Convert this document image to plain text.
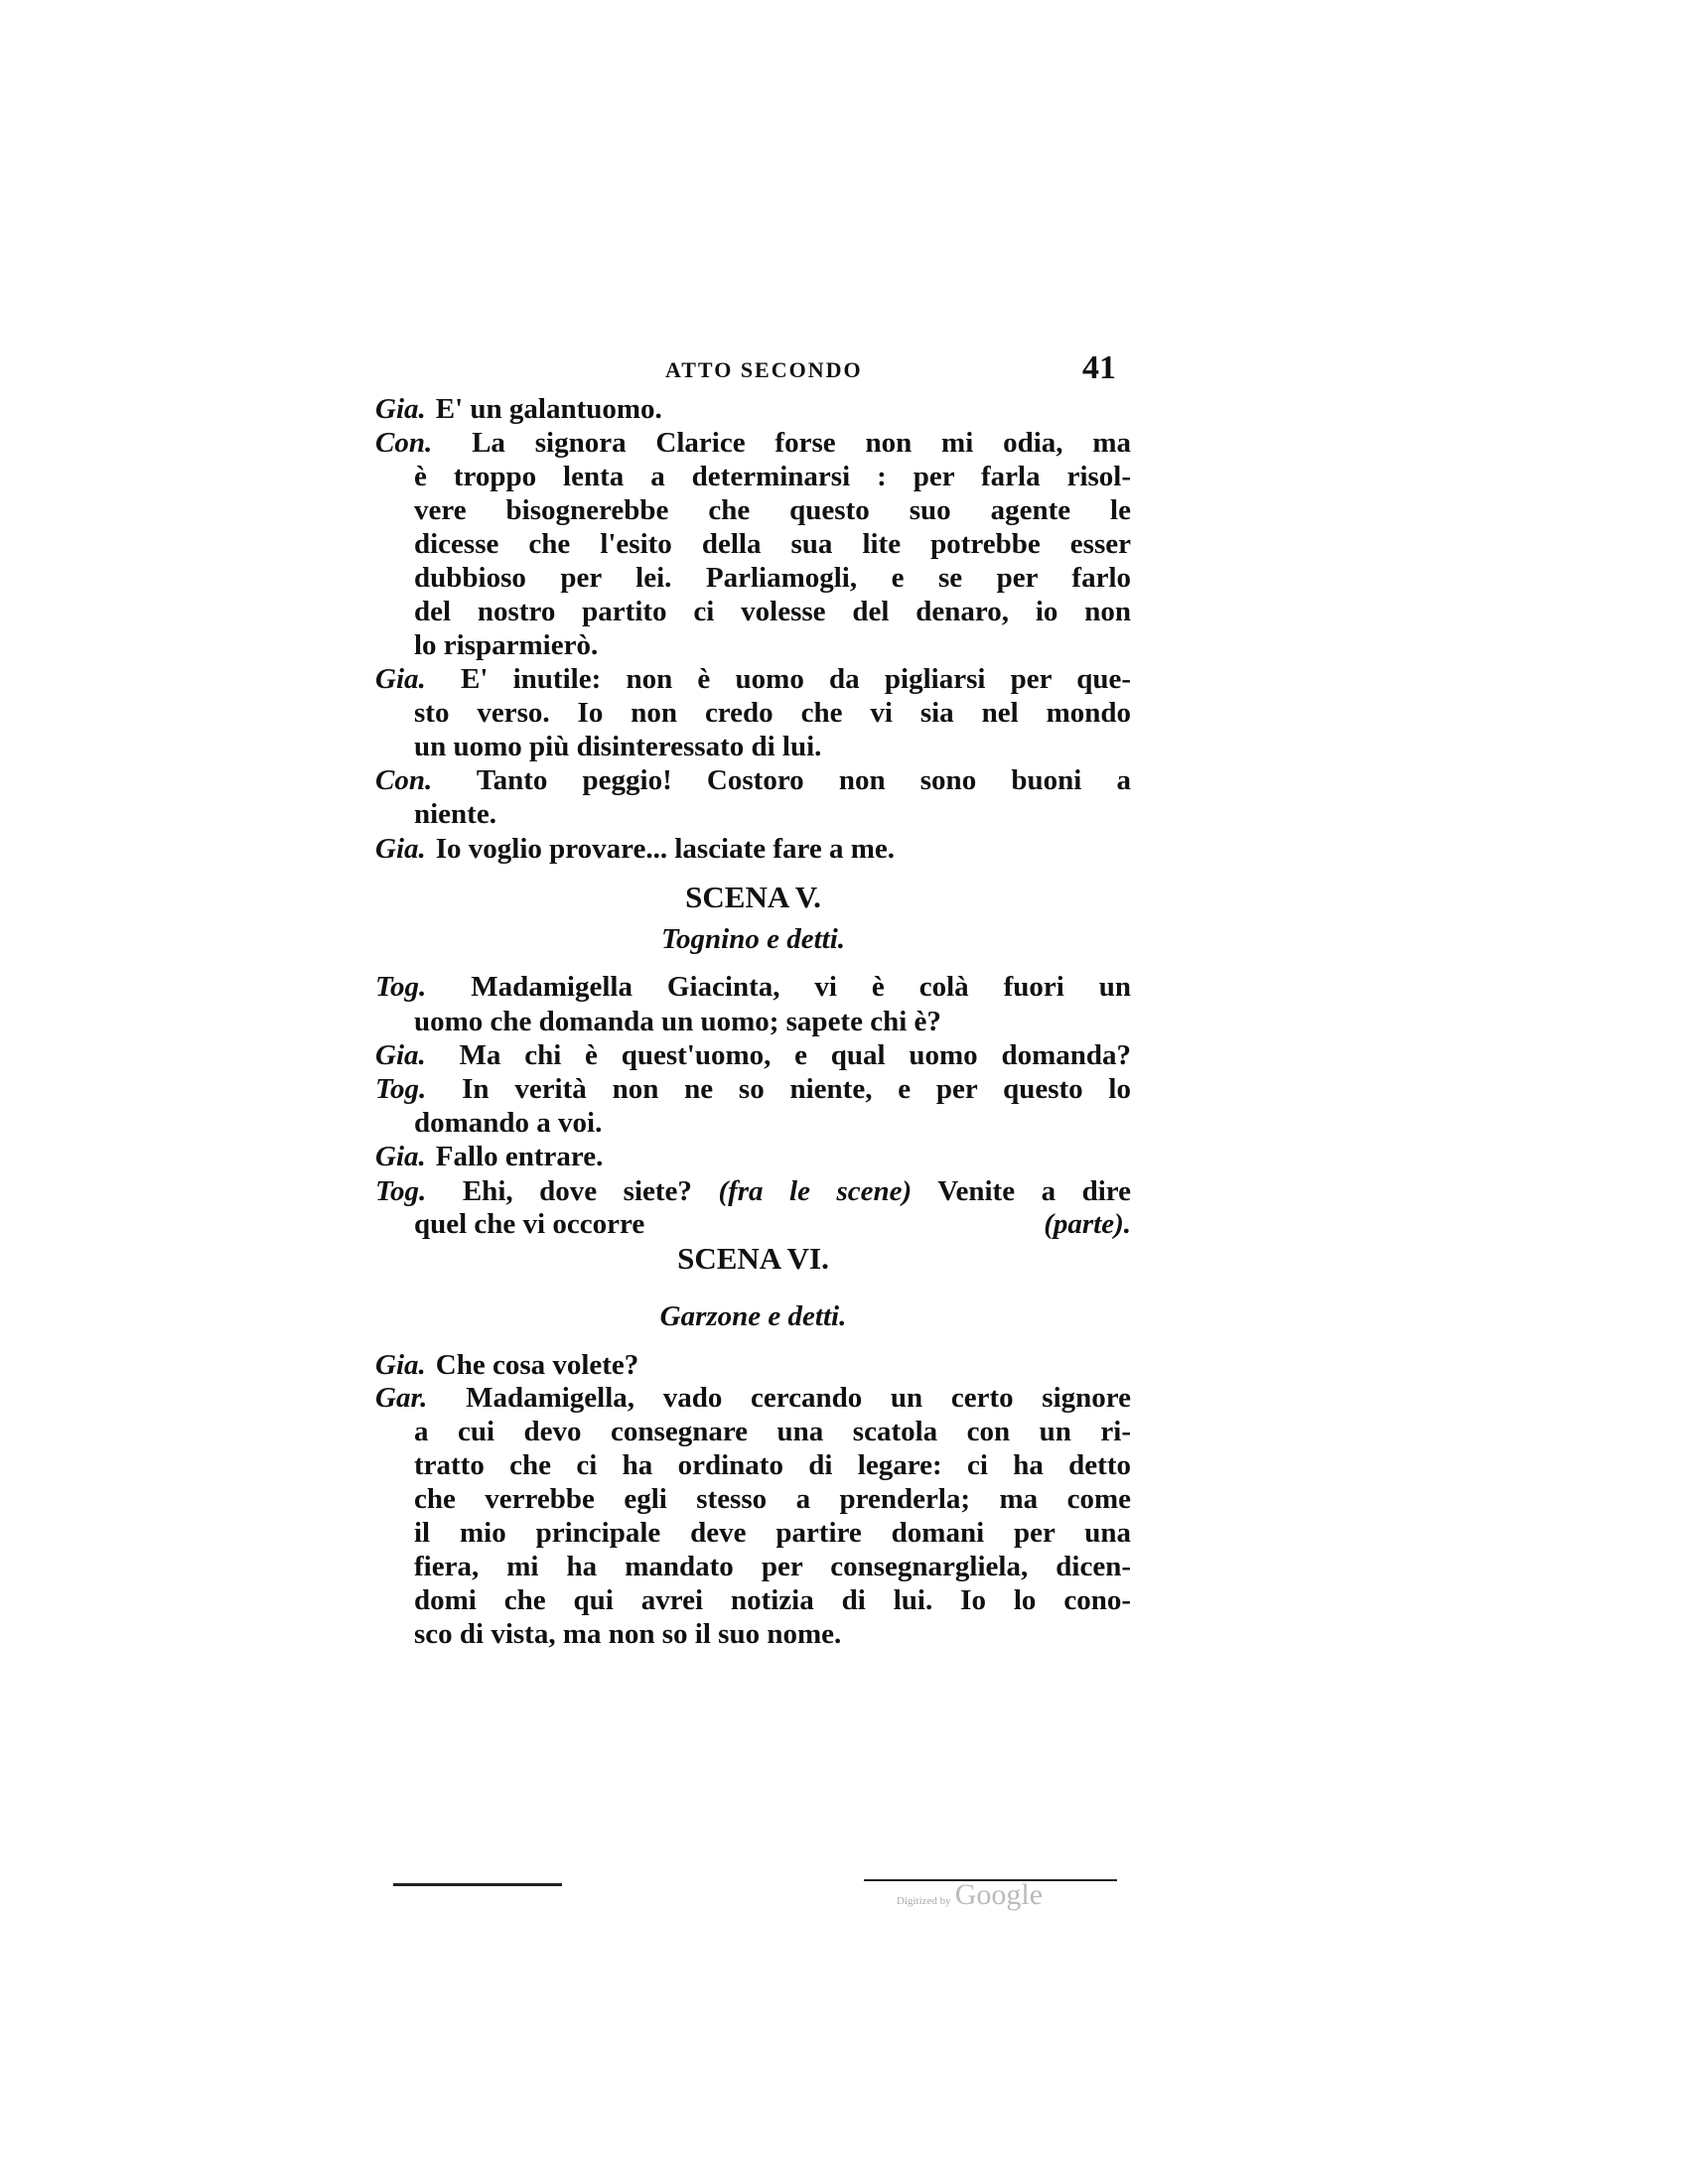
ATTO SECONDO	41
Gia. E' un galantuomo.
Con. La signora Clarice forse non mi odia, ma
è troppo lenta a determinarsi : per farla risol-
vere bisognerebbe che questo suo agente le
dicesse che l'esito della sua lite potrebbe esser
dubbioso per lei. Parliamogli, e se per farlo
del nostro partito ci volesse del denaro, io non
lo risparmierò.
Gia. E' inutile: non è uomo da pigliarsi per que-
sto verso. Io non credo che vi sia nel mondo
un uomo più disinteressato di lui.
Con. Tanto peggio! Costoro non sono buoni a
niente.
Gia. Io voglio provare... lasciate fare a me.
SCENA V.
Tognino e detti.
Tog. Madamigella Giacinta, vi è colà fuori un
uomo che domanda un uomo; sapete chi è?
Gia. Ma chi è quest'uomo, e qual uomo domanda?
Tog. In verità non ne so niente, e per questo lo
domando a voi.
Gia. Fallo entrare.
Tog. Ehi, dove siete? (fra le scene) Venite a dire
quel che vi occorre	(parte).
SCENA VI.
Garzone e detti.
Gia. Che cosa volete?
Gar. Madamigella, vado cercando un certo signore
a cui devo consegnare una scatola con un ri-
tratto che ci ha ordinato di legare: ci ha detto
che verrebbe egli stesso a prenderla; ma come
il mio principale deve partire domani per una
fiera, mi ha mandato per consegnargliela, dicen-
domi che qui avrei notizia di lui. Io lo cono-
sco di vista, ma non so il suo nome.
Digitized by Google
